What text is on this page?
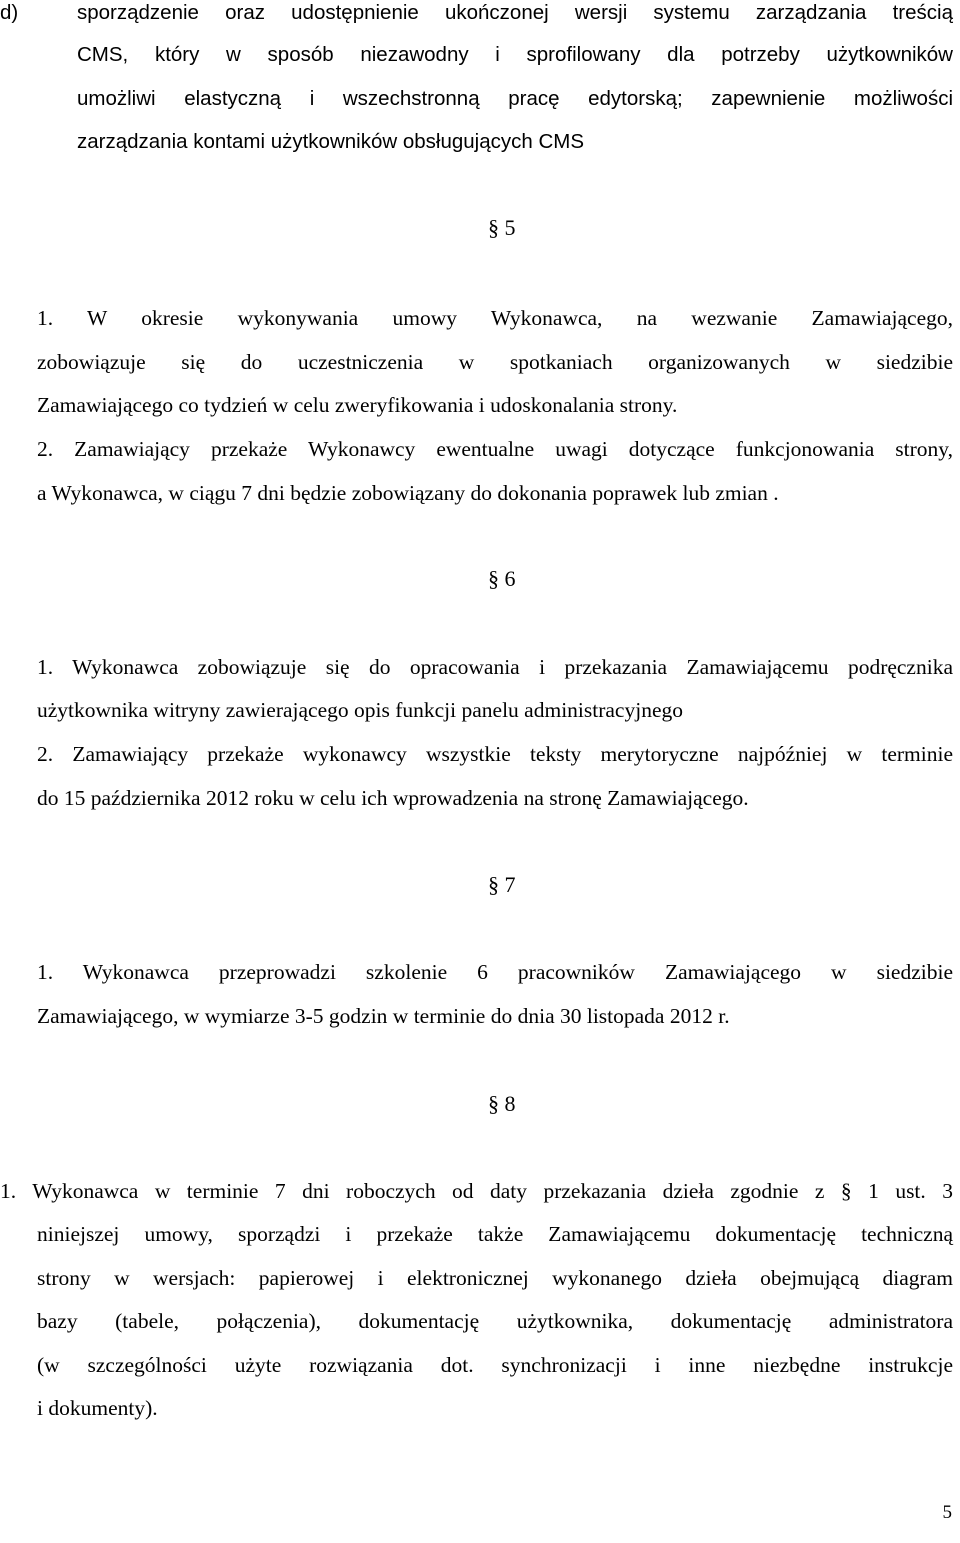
d)	sporządzenie oraz udostępnienie ukończonej wersji systemu zarządzania treścią
CMS, który w sposób niezawodny i sprofilowany dla potrzeby użytkowników
umożliwi elastyczną i wszechstronną pracę edytorską; zapewnienie możliwości
zarządzania kontami użytkowników obsługujących CMS
§ 5
1. W okresie wykonywania umowy Wykonawca, na wezwanie Zamawiającego,
zobowiązuje się do uczestniczenia w spotkaniach organizowanych w siedzibie
Zamawiającego co tydzień w celu zweryfikowania i udoskonalania strony.
2. Zamawiający przekaże Wykonawcy ewentualne uwagi dotyczące funkcjonowania strony,
a Wykonawca, w ciągu 7 dni będzie zobowiązany do dokonania poprawek lub zmian .
§ 6
1. Wykonawca zobowiązuje się do opracowania i przekazania Zamawiającemu podręcznika
użytkownika witryny zawierającego opis funkcji panelu administracyjnego
2. Zamawiający przekaże wykonawcy wszystkie teksty merytoryczne najpóźniej w terminie
do 15 października 2012 roku w celu ich wprowadzenia na stronę Zamawiającego.
§ 7
1. Wykonawca przeprowadzi szkolenie 6 pracowników Zamawiającego w siedzibie
Zamawiającego, w wymiarze 3-5 godzin w terminie do dnia 30 listopada 2012 r.
§ 8
1. Wykonawca w terminie 7 dni roboczych od daty przekazania dzieła zgodnie z § 1 ust. 3
niniejszej umowy, sporządzi i przekaże także Zamawiającemu dokumentację techniczną
strony w wersjach: papierowej i elektronicznej wykonanego dzieła obejmującą diagram
bazy (tabele, połączenia), dokumentację użytkownika, dokumentację administratora
(w szczególności użyte rozwiązania dot. synchronizacji i inne niezbędne instrukcje
i dokumenty).
5
